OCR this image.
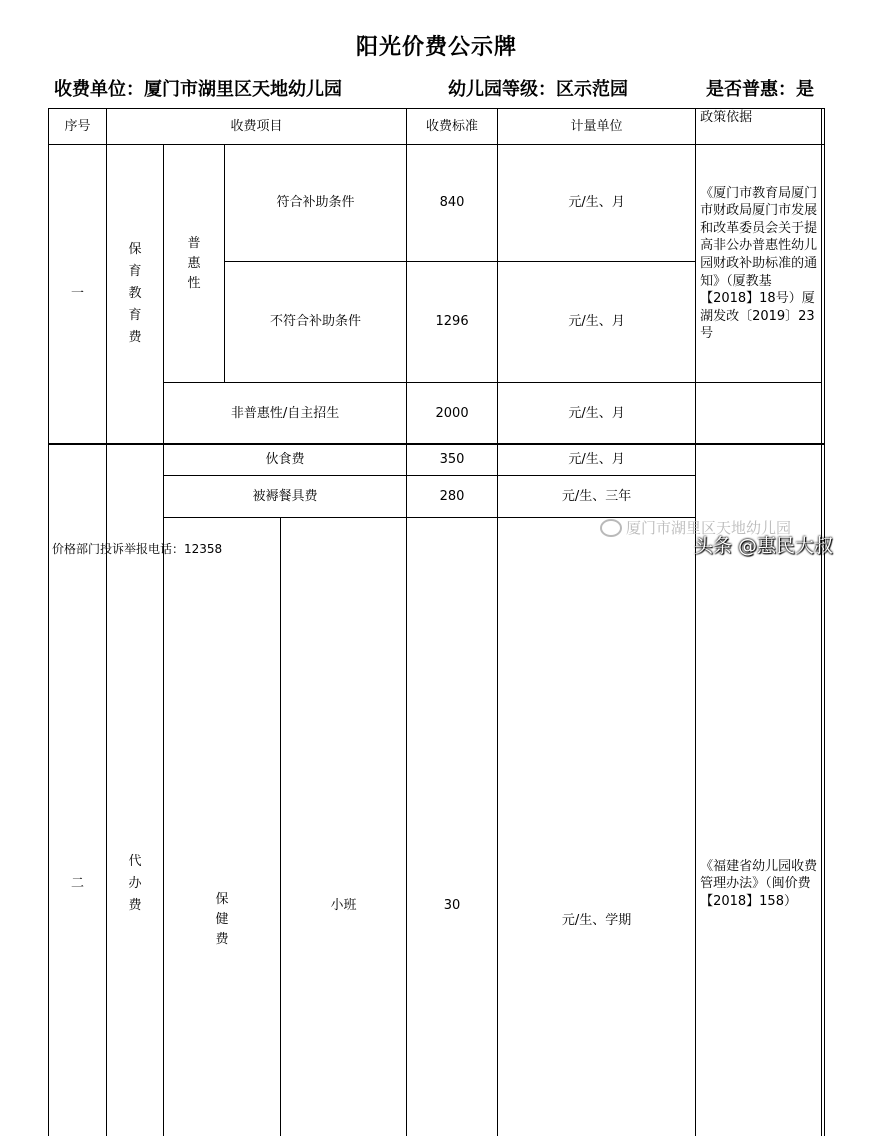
阳光价费公示牌
收费单位：厦门市湖里区天地幼儿园	幼儿园等级：区示范园	是否普惠：是
序号	收费项目				收费标准	计量单位	政策依据	
一	保育教育费	普惠性	符合补助条件		840	元/生、月	《厦门市教育局厦门市财政局厦门市发展和改革委员会关于提高非公办普惠性幼儿园财政补助标准的通知》（厦教基【2018】18号）厦湖发改〔2019〕23号	
			不符合补助条件		1296	元/生、月		
		非普惠性/自主招生			2000	元/生、月		
二	代办费	伙食费			350	元/生、月	《福建省幼儿园收费管理办法》（闽价费【2018】158）	
		被褥餐具费			280	元/生、三年		
		保健费		小班	30	元/生、学期		

价格部门投诉举报电话：12358
厦门市湖里区天地幼儿园
头条 @惠民大叔
